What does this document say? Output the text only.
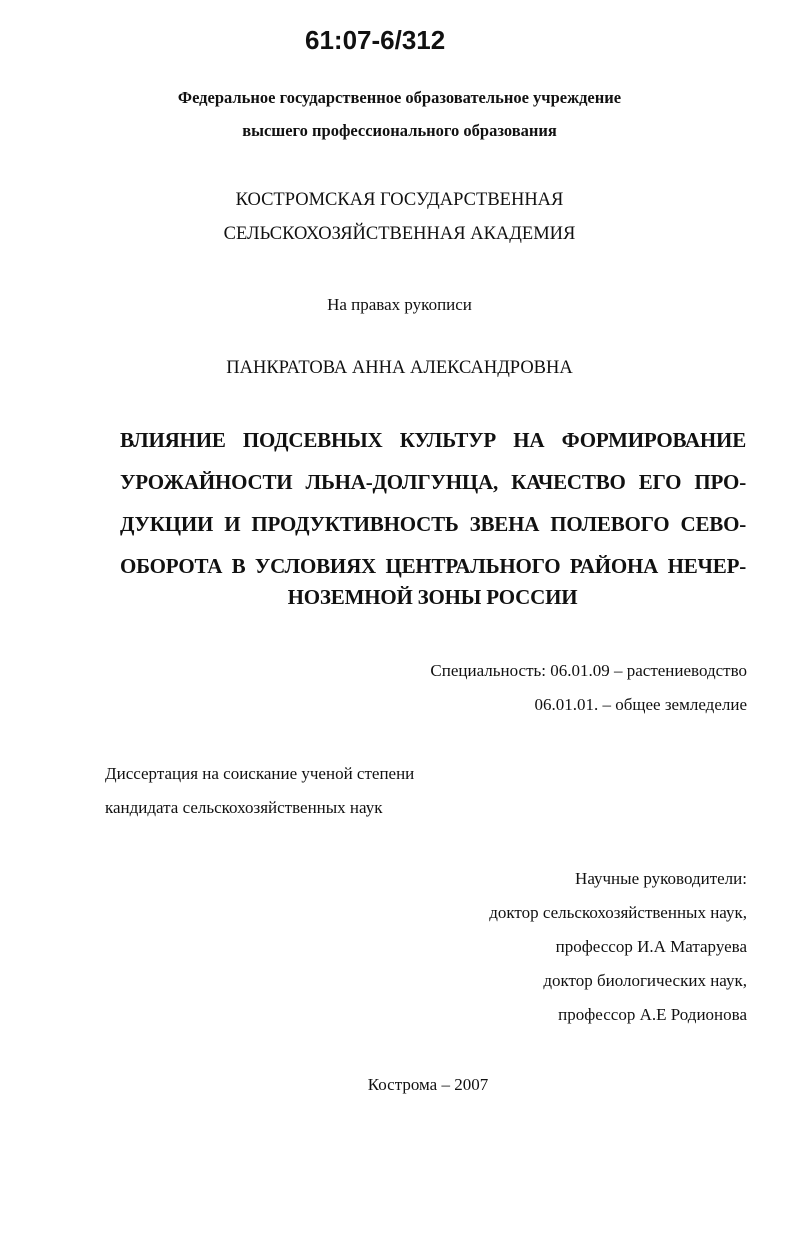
61:07-6/312
Федеральное государственное образовательное учреждение
высшего профессионального образования
КОСТРОМСКАЯ ГОСУДАРСТВЕННАЯ
СЕЛЬСКОХОЗЯЙСТВЕННАЯ АКАДЕМИЯ
На правах рукописи
ПАНКРАТОВА АННА АЛЕКСАНДРОВНА
ВЛИЯНИЕ ПОДСЕВНЫХ КУЛЬТУР НА ФОРМИРОВАНИЕ
УРОЖАЙНОСТИ ЛЬНА-ДОЛГУНЦА, КАЧЕСТВО ЕГО ПРО-
ДУКЦИИ И ПРОДУКТИВНОСТЬ ЗВЕНА ПОЛЕВОГО СЕВО-
ОБОРОТА В УСЛОВИЯХ ЦЕНТРАЛЬНОГО РАЙОНА НЕЧЕР-
НОЗЕМНОЙ ЗОНЫ РОССИИ
Специальность: 06.01.09 – растениеводство
06.01.01. – общее земледелие
Диссертация на соискание ученой степени
кандидата сельскохозяйственных наук
Научные руководители:
доктор сельскохозяйственных наук,
профессор И.А Матаруева
доктор биологических наук,
профессор А.Е Родионова
Кострома – 2007
